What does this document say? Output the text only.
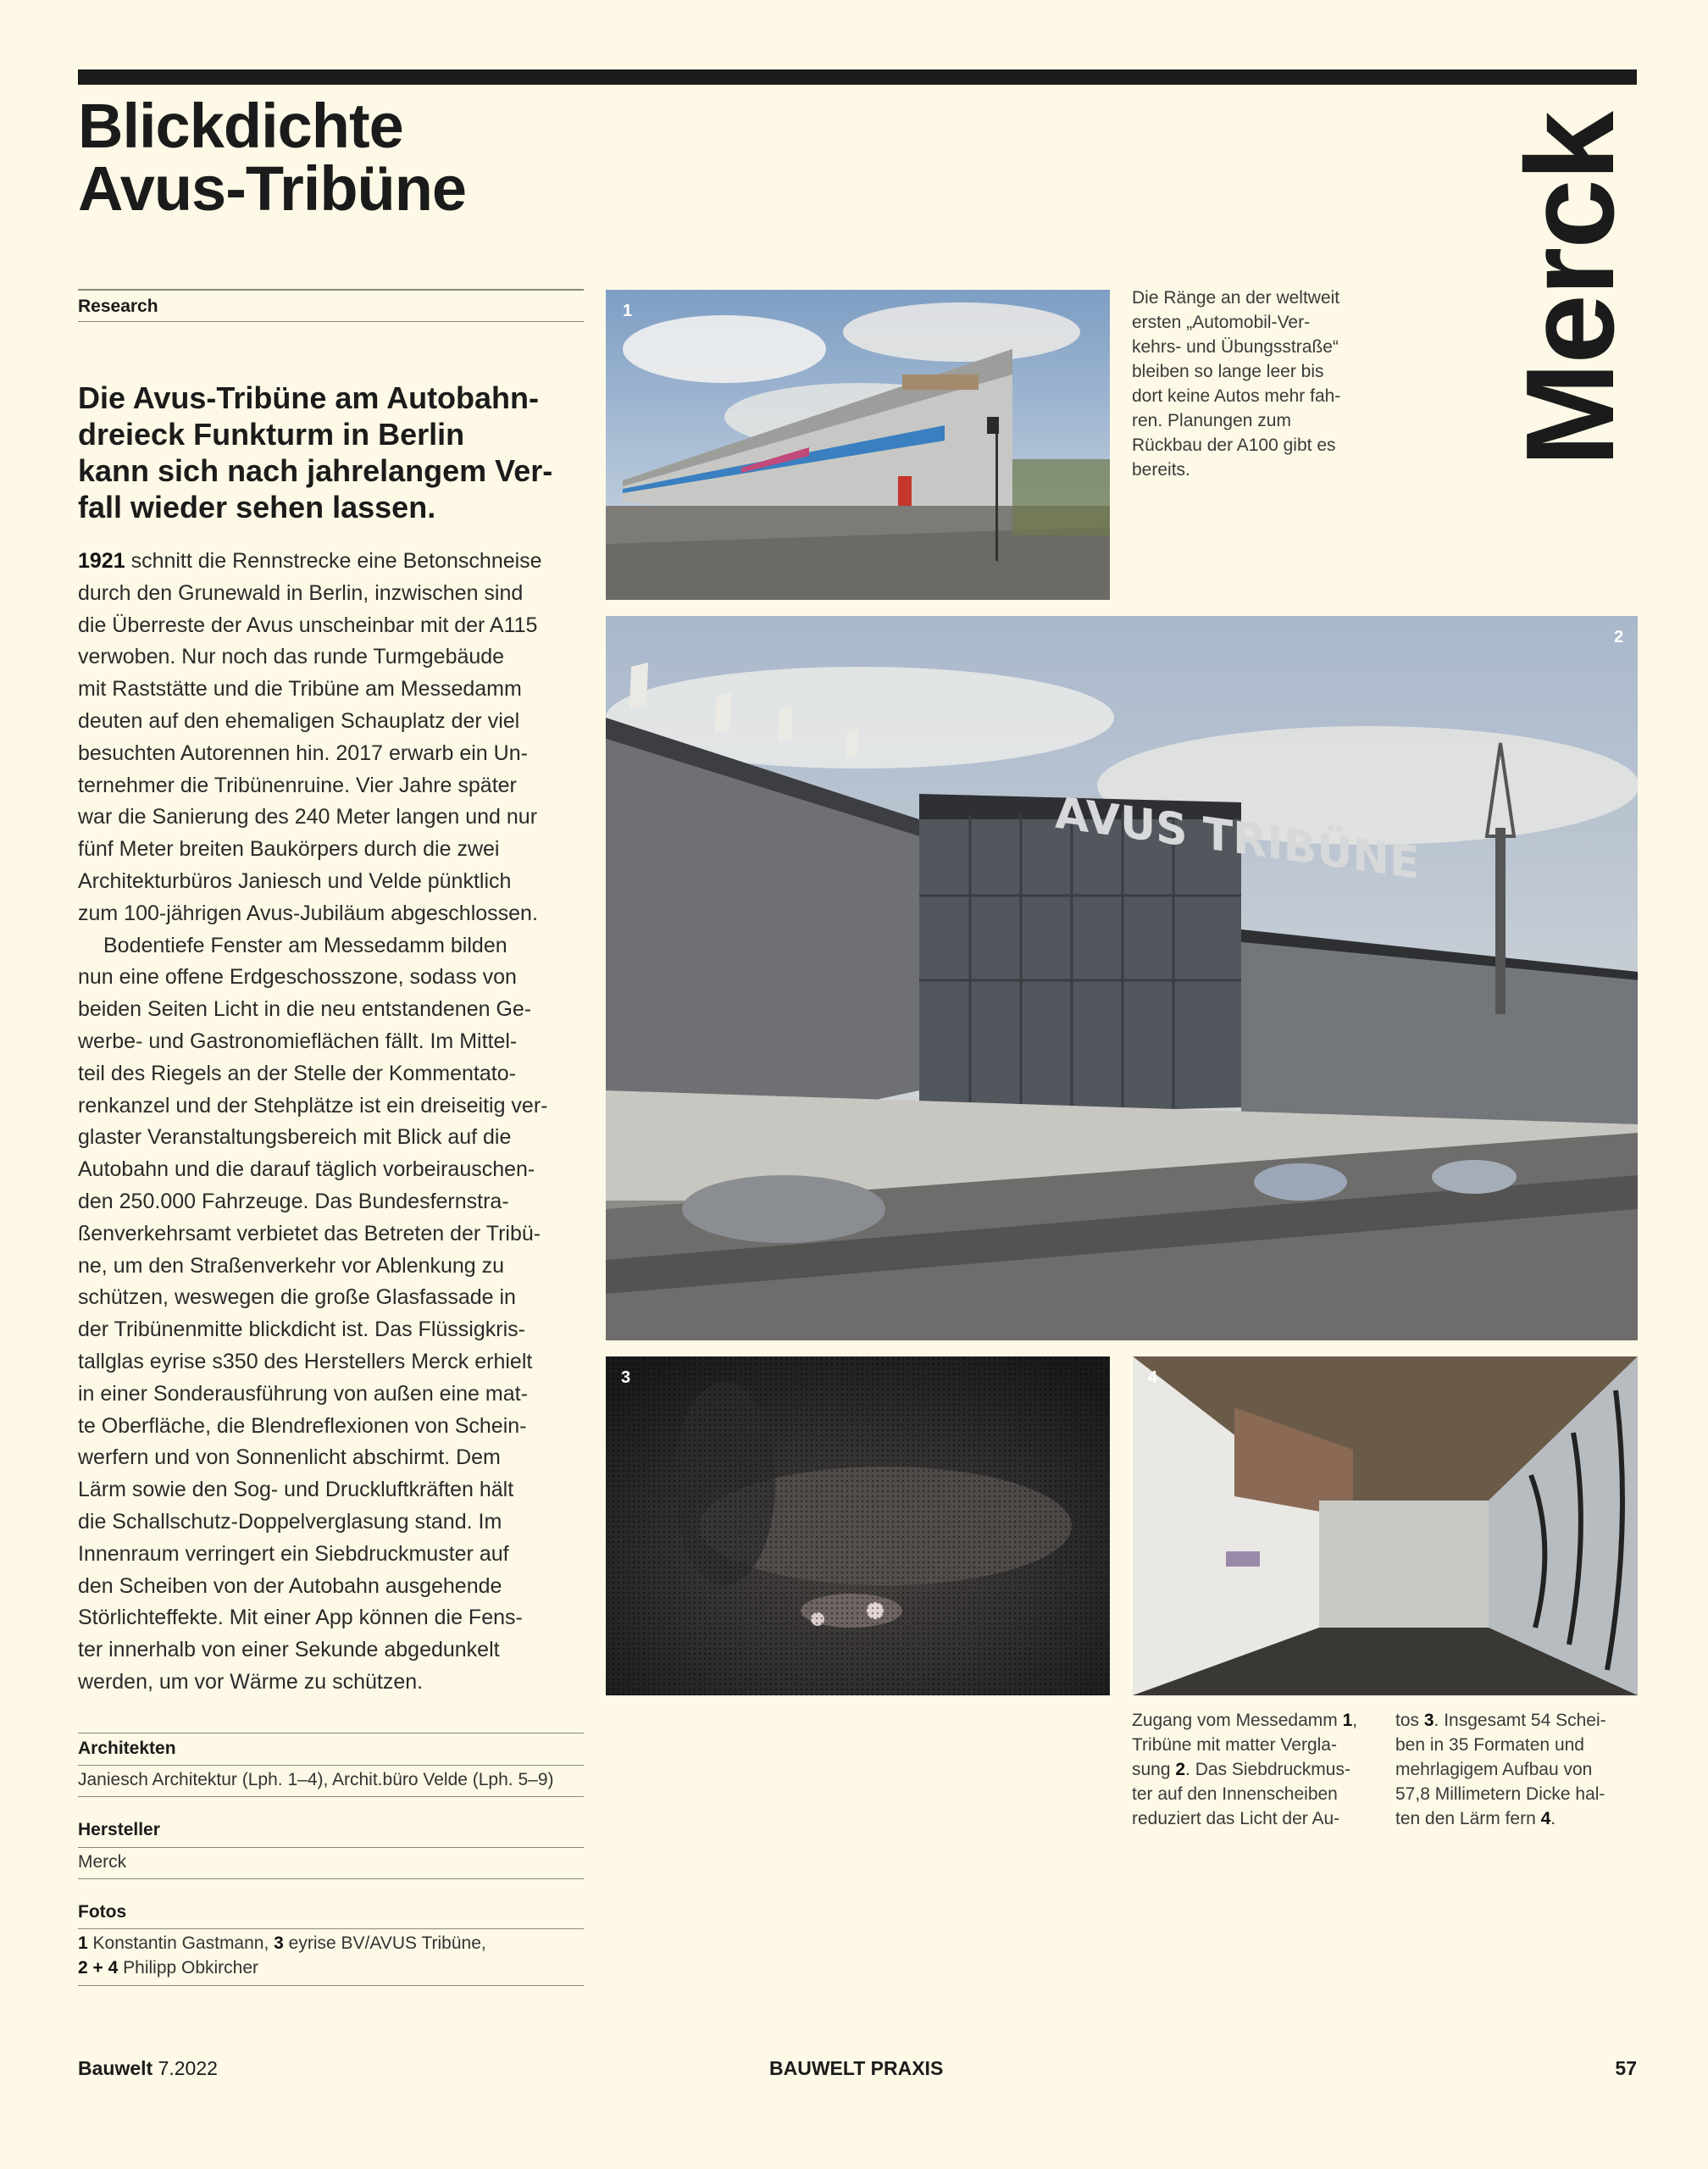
Blickdichte
Avus-Tribüne	Merck
Research
Die Avus-Tribüne am Autobahn-
dreieck Funkturm in Berlin
kann sich nach jahrelangem Ver-
fall wieder sehen lassen.
1921 schnitt die Rennstrecke eine Betonschneise
durch den Grunewald in Berlin, inzwischen sind
die Überreste der Avus unscheinbar mit der A115
verwoben. Nur noch das runde Turmgebäude
mit Raststätte und die Tribüne am Messedamm
deuten auf den ehemaligen Schauplatz der viel
besuchten Autorennen hin. 2017 erwarb ein Un-
ternehmer die Tribünenruine. Vier Jahre später
war die Sanierung des 240 Meter langen und nur
fünf Meter breiten Baukörpers durch die zwei
Architekturbüros Janiesch und Velde pünktlich
zum 100-jährigen Avus-Jubiläum abgeschlossen.
Bodentiefe Fenster am Messedamm bilden
nun eine offene Erdgeschosszone, sodass von
beiden Seiten Licht in die neu entstandenen Ge-
werbe- und Gastronomieflächen fällt. Im Mittel-
teil des Riegels an der Stelle der Kommentato-
renkanzel und der Stehplätze ist ein dreiseitig ver-
glaster Veranstaltungsbereich mit Blick auf die
Autobahn und die darauf täglich vorbeirauschen-
den 250.000 Fahrzeuge. Das Bundesfernstra-
ßenverkehrsamt verbietet das Betreten der Tribü-
ne, um den Straßenverkehr vor Ablenkung zu
schützen, weswegen die große Glasfassade in
der Tribünenmitte blickdicht ist. Das Flüssigkris-
tallglas eyrise s350 des Herstellers Merck erhielt
in einer Sonderausführung von außen eine mat-
te Oberfläche, die Blendreflexionen von Schein-
werfern und von Sonnenlicht abschirmt. Dem
Lärm sowie den Sog- und Druckluftkräften hält
die Schallschutz-Doppelverglasung stand. Im
Innenraum verringert ein Siebdruckmuster auf
den Scheiben von der Autobahn ausgehende
Störlichteffekte. Mit einer App können die Fens-
ter innerhalb von einer Sekunde abgedunkelt
werden, um vor Wärme zu schützen.
Architekten
Janiesch Architektur (Lph. 1–4), Archit.büro Velde (Lph. 5–9)
Hersteller
Merck
Fotos
1 Konstantin Gastmann, 3 eyrise BV/AVUS Tribüne,
2 + 4 Philipp Obkircher
1
Die Ränge an der weltweit
ersten „Automobil-Ver-
kehrs- und Übungsstraße“
bleiben so lange leer bis
dort keine Autos mehr fah-
ren. Planungen zum
Rückbau der A100 gibt es
bereits.
AVUS TRIBÜNE
2
3	4
Zugang vom Messedamm 1,
Tribüne mit matter Vergla-
sung 2. Das Siebdruckmus-
ter auf den Innenscheiben
reduziert das Licht der Au-
tos 3. Insgesamt 54 Schei-
ben in 35 Formaten und
mehrlagigem Aufbau von
57,8 Millimetern Dicke hal-
ten den Lärm fern 4.
Bauwelt 7.2022	BAUWELT PRAXIS	57
